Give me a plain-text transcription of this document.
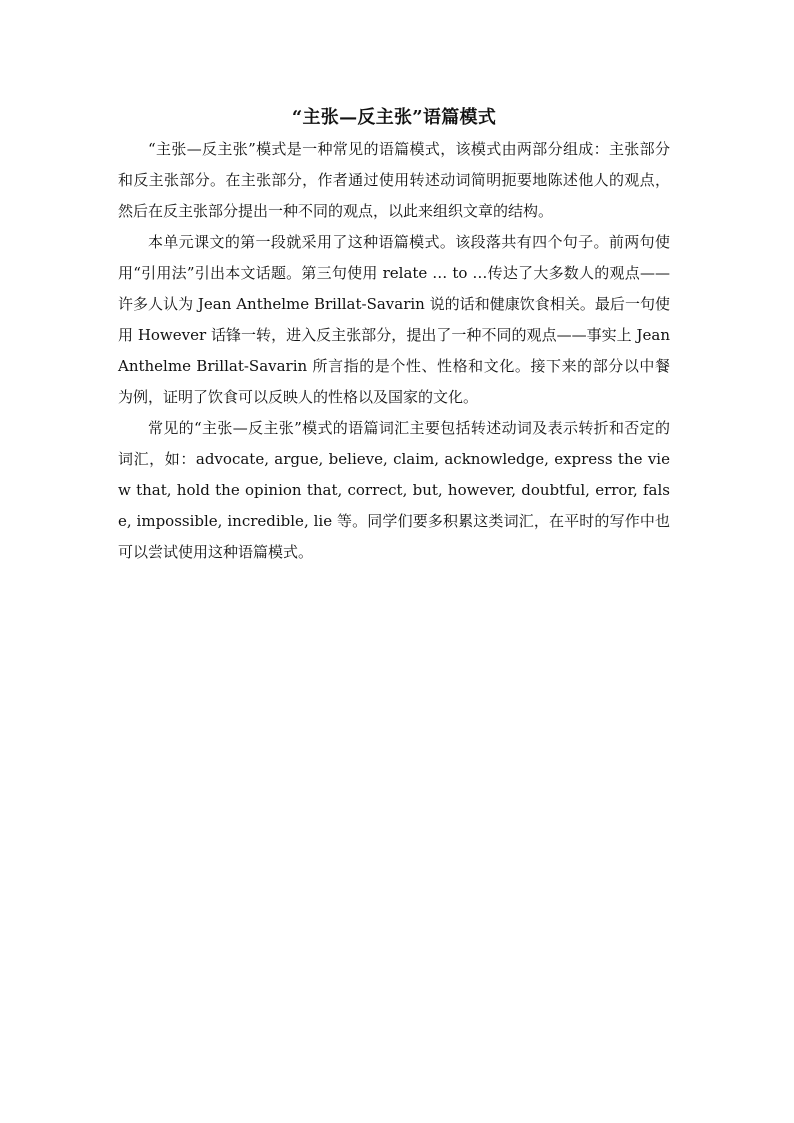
“主张—反主张”语篇模式

“主张—反主张”模式是一种常见的语篇模式，该模式由两部分组成：主张部分和反主张部分。在主张部分，作者通过使用转述动词简明扼要地陈述他人的观点，然后在反主张部分提出一种不同的观点，以此来组织文章的结构。

本单元课文的第一段就采用了这种语篇模式。该段落共有四个句子。前两句使用“引用法”引出本文话题。第三句使用 relate … to …传达了大多数人的观点——许多人认为 Jean Anthelme Brillat-Savarin 说的话和健康饮食相关。最后一句使用 However 话锋一转，进入反主张部分，提出了一种不同的观点——事实上 Jean Anthelme Brillat-Savarin 所言指的是个性、性格和文化。接下来的部分以中餐为例，证明了饮食可以反映人的性格以及国家的文化。

常见的“主张—反主张”模式的语篇词汇主要包括转述动词及表示转折和否定的词汇，如：advocate, argue, believe, claim, acknowledge, express the view that, hold the opinion that, correct, but, however, doubtful, error, false, impossible, incredible, lie 等。同学们要多积累这类词汇，在平时的写作中也可以尝试使用这种语篇模式。
